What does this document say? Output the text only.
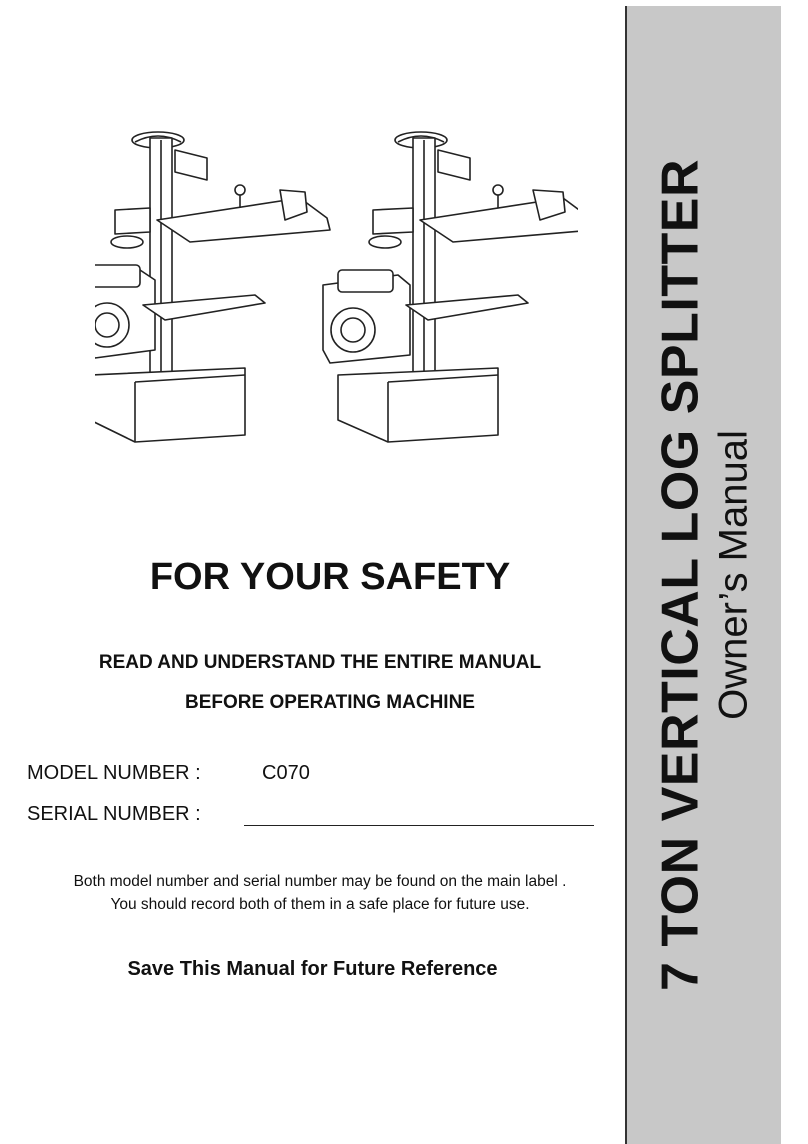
FOR YOUR SAFETY
READ AND UNDERSTAND THE ENTIRE MANUAL
BEFORE OPERATING MACHINE
MODEL NUMBER :	C070
SERIAL NUMBER :
Both model number and serial number may be found on the main label .
You should record both of them in a safe place for future use.
Save This Manual for Future Reference	7 TON VERTICAL LOG SPLITTER Owner’s Manual
